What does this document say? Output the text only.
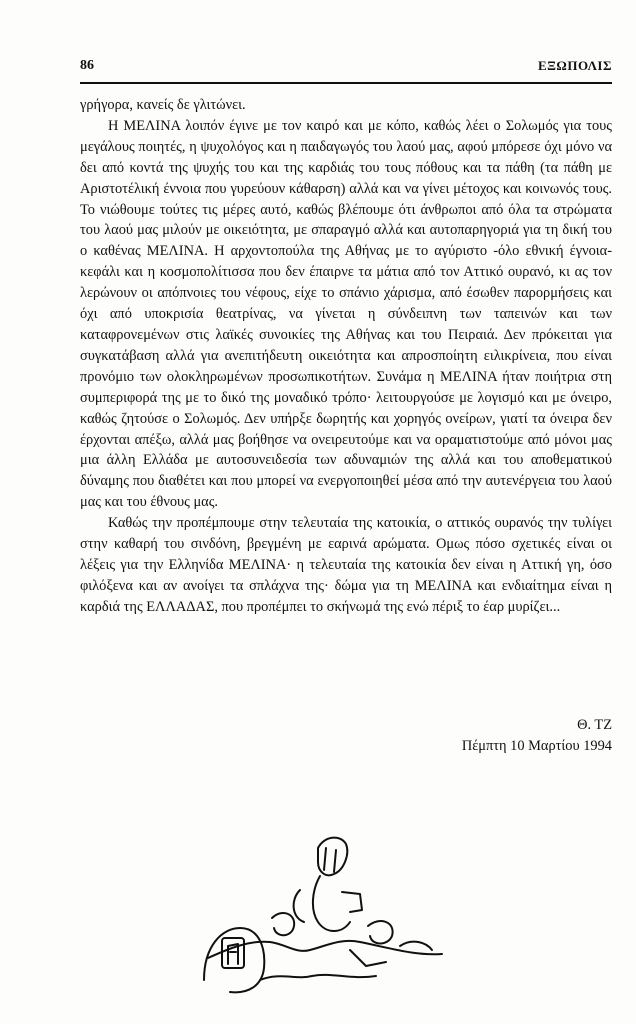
86	ΕΞΩΠΟΛΙΣ

γρήγορα, κανείς δε γλιτώνει.

Η ΜΕΛΙΝΑ λοιπόν έγινε με τον καιρό και με κόπο, καθώς λέει ο Σολωμός για τους μεγάλους ποιητές, η ψυχολόγος και η παιδαγωγός του λαού μας, αφού μπόρεσε όχι μόνο να δει από κοντά της ψυχής του και της καρδιάς του τους πόθους και τα πάθη (τα πάθη με Αριστοτέλική έννοια που γυρεύουν κάθαρση) αλλά και να γίνει μέτοχος και κοινωνός τους. Το νιώθουμε τούτες τις μέρες αυτό, καθώς βλέπουμε ότι άνθρωποι από όλα τα στρώματα του λαού μας μιλούν με οικειότητα, με σπαραγμό αλλά και αυτοπαρηγοριά για τη δική του ο καθένας ΜΕΛΙΝΑ. Η αρχοντοπούλα της Αθήνας με το αγύριστο -όλο εθνική έγνοια- κεφάλι και η κοσμοπολίτισσα που δεν έπαιρνε τα μάτια από τον Αττικό ουρανό, κι ας τον λερώνουν οι απόπνοιες του νέφους, είχε το σπάνιο χάρισμα, από έσωθεν παρορμήσεις και όχι από υποκρισία θεατρίνας, να γίνεται η σύνδειπνη των ταπεινών και των καταφρονεμένων στις λαϊκές συνοικίες της Αθήνας και του Πειραιά. Δεν πρόκειται για συγκατάβαση αλλά για ανεπιτήδευτη οικειότητα και απροσποίητη ειλικρίνεια, που είναι προνόμιο των ολοκληρωμένων προσωπικοτήτων. Συνάμα η ΜΕΛΙΝΑ ήταν ποιήτρια στη συμπεριφορά της με το δικό της μοναδικό τρόπο· λειτουργούσε με λογισμό και με όνειρο, καθώς ζητούσε ο Σολωμός. Δεν υπήρξε δωρητής και χορηγός ονείρων, γιατί τα όνειρα δεν έρχονται απέξω, αλλά μας βοήθησε να ονειρευτούμε και να οραματιστούμε από μόνοι μας μια άλλη Ελλάδα με αυτοσυνειδεσία των αδυναμιών της αλλά και του αποθεματικού δύναμης που διαθέτει και που μπορεί να ενεργοποιηθεί μέσα από την αυτενέργεια του λαού μας και του έθνους μας.

Καθώς την προπέμπουμε στην τελευταία της κατοικία, ο αττικός ουρανός την τυλίγει στην καθαρή του σινδόνη, βρεγμένη με εαρινά αρώματα. Ομως πόσο σχετικές είναι οι λέξεις για την Ελληνίδα ΜΕΛΙΝΑ· η τελευταία της κατοικία δεν είναι η Αττική γη, όσο φιλόξενα και αν ανοίγει τα σπλάχνα της· δώμα για τη ΜΕΛΙΝΑ και ενδιαίτημα είναι η καρδιά της ΕΛΛΑΔΑΣ, που προπέμπει το σκήνωμά της ενώ πέριξ το έαρ μυρίζει...

Θ. ΤΖ
Πέμπτη 10 Μαρτίου 1994
